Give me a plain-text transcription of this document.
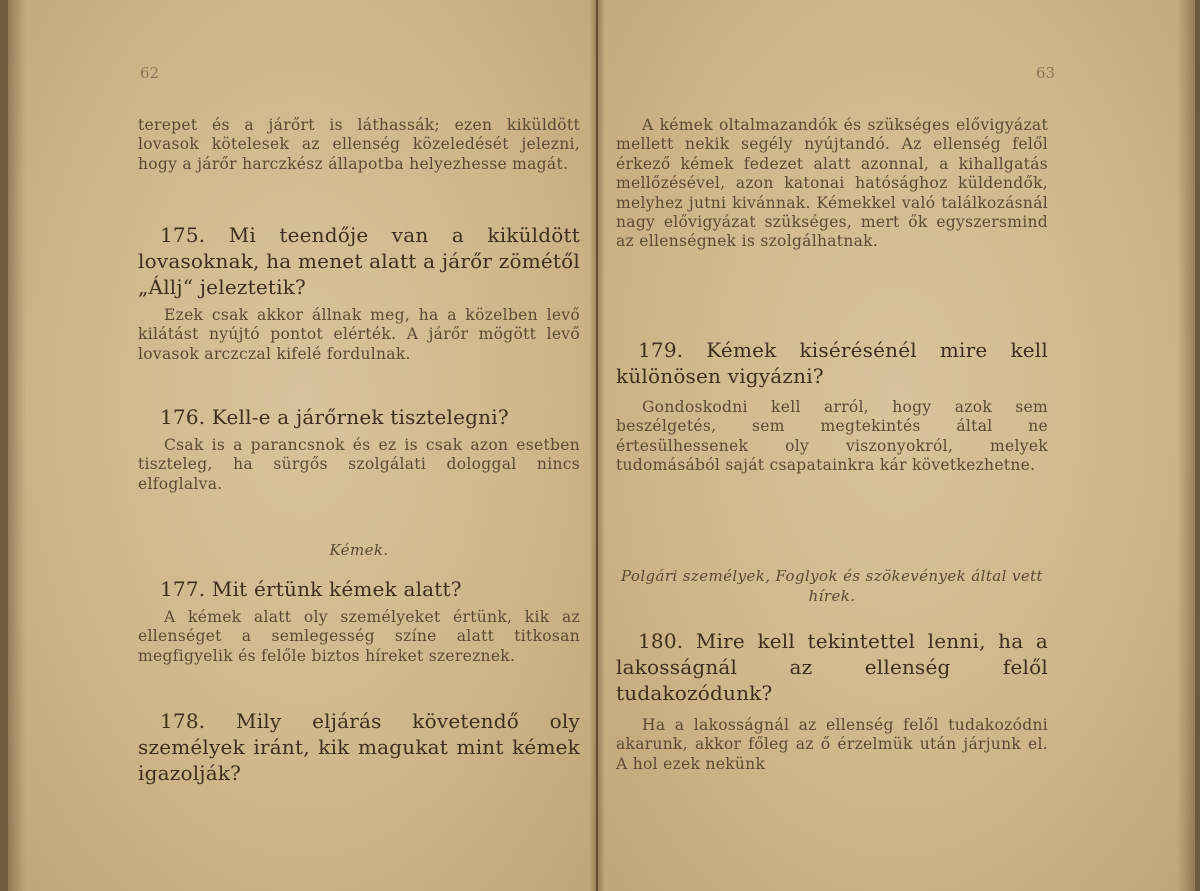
62

terepet és a járőrt is láthassák; ezen kiküldött lovasok kötelesek az ellenség közeledését jelezni, hogy a járőr harczkész állapotba helyezhesse magát.

175. Mi teendője van a kiküldött lovasoknak, ha menet alatt a járőr zömétől „Állj“ jeleztetik?

Ezek csak akkor állnak meg, ha a közelben levő kilátást nyújtó pontot elérték. A járőr mögött levő lovasok arczczal kifelé fordulnak.

176. Kell-e a járőrnek tisztelegni?

Csak is a parancsnok és ez is csak azon esetben tiszteleg, ha sürgős szolgálati dologgal nincs elfoglalva.

Kémek.

177. Mit értünk kémek alatt?

A kémek alatt oly személyeket értünk, kik az ellenséget a semlegesség színe alatt titkosan megfigyelik és felőle biztos híreket szereznek.

178. Mily eljárás követendő oly személyek iránt, kik magukat mint kémek igazolják?

63

A kémek oltalmazandók és szükséges elővigyázat mellett nekik segély nyújtandó. Az ellenség felől érkező kémek fedezet alatt azonnal, a kihallgatás mellőzésével, azon katonai hatósághoz küldendők, melyhez jutni kivánnak. Kémekkel való találkozásnál nagy elővigyázat szükséges, mert ők egyszersmind az ellenségnek is szolgálhatnak.

179. Kémek kisérésénél mire kell különösen vigyázni?

Gondoskodni kell arról, hogy azok sem beszélgetés, sem megtekintés által ne értesülhessenek oly viszonyokról, melyek tudomásából saját csapatainkra kár következhetne.

Polgári személyek, Foglyok és szökevények által vett hírek.

180. Mire kell tekintettel lenni, ha a lakosságnál az ellenség felől tudakozódunk?

Ha a lakosságnál az ellenség felől tudakozódni akarunk, akkor főleg az ő érzelmük után járjunk el. A hol ezek nekünk
